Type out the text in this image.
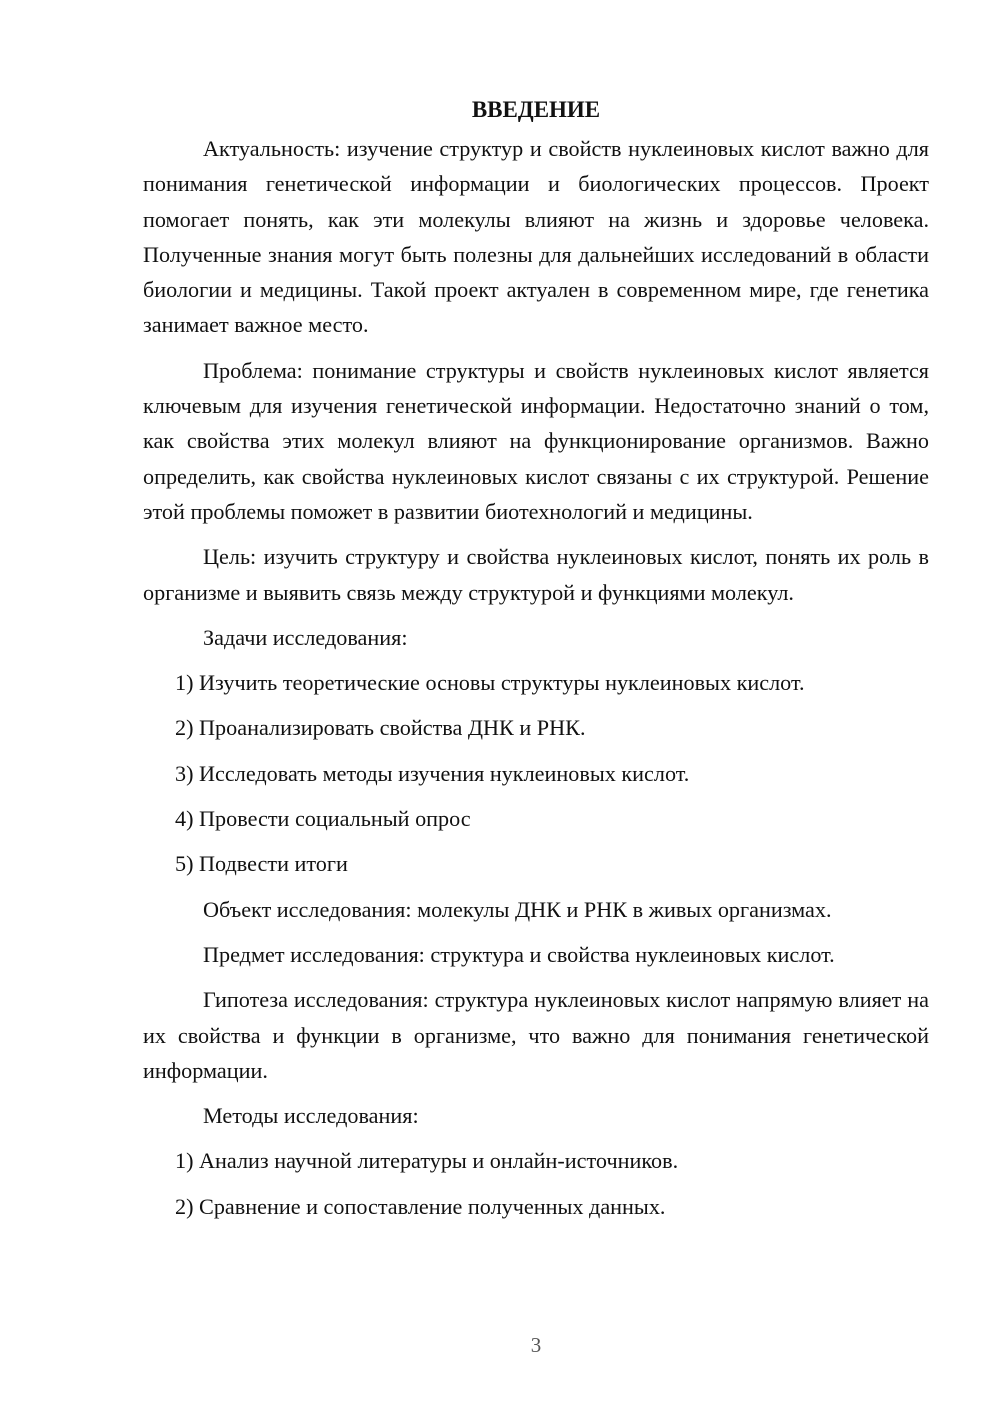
ВВЕДЕНИЕ

Актуальность: изучение структур и свойств нуклеиновых кислот важно для понимания генетической информации и биологических процессов. Проект помогает понять, как эти молекулы влияют на жизнь и здоровье человека. Полученные знания могут быть полезны для дальнейших исследований в области биологии и медицины. Такой проект актуален в современном мире, где генетика занимает важное место.

Проблема: понимание структуры и свойств нуклеиновых кислот является ключевым для изучения генетической информации. Недостаточно знаний о том, как свойства этих молекул влияют на функционирование организмов. Важно определить, как свойства нуклеиновых кислот связаны с их структурой. Решение этой проблемы поможет в развитии биотехнологий и медицины.

Цель: изучить структуру и свойства нуклеиновых кислот, понять их роль в организме и выявить связь между структурой и функциями молекул.

Задачи исследования:

1) Изучить теоретические основы структуры нуклеиновых кислот.

2) Проанализировать свойства ДНК и РНК.

3) Исследовать методы изучения нуклеиновых кислот.

4) Провести социальный опрос

5) Подвести итоги

Объект исследования: молекулы ДНК и РНК в живых организмах.

Предмет исследования: структура и свойства нуклеиновых кислот.

Гипотеза исследования: структура нуклеиновых кислот напрямую влияет на их свойства и функции в организме, что важно для понимания генетической информации.

Методы исследования:

1) Анализ научной литературы и онлайн-источников.

2) Сравнение и сопоставление полученных данных.

3
